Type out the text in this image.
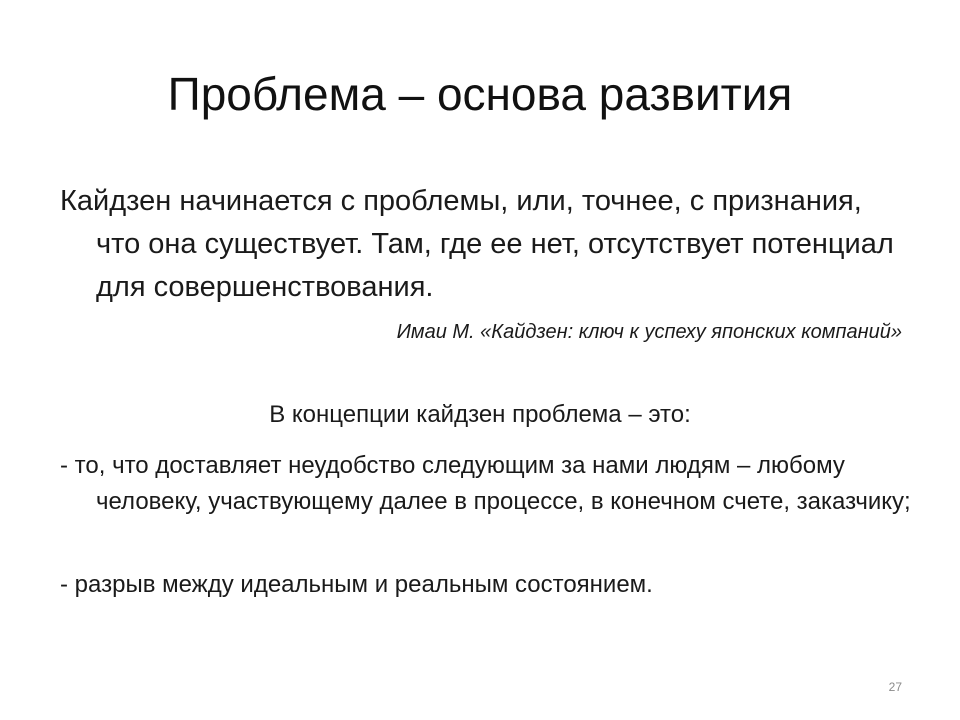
Проблема – основа развития
Кайдзен начинается с проблемы, или, точнее, с признания, что она существует. Там, где ее нет, отсутствует потенциал для совершенствования.
Имаи М. «Кайдзен: ключ к успеху японских компаний»
В концепции кайдзен проблема – это:
- то, что доставляет неудобство следующим за нами людям – любому человеку, участвующему далее в процессе, в конечном счете, заказчику;
- разрыв между идеальным и реальным состоянием.
27
